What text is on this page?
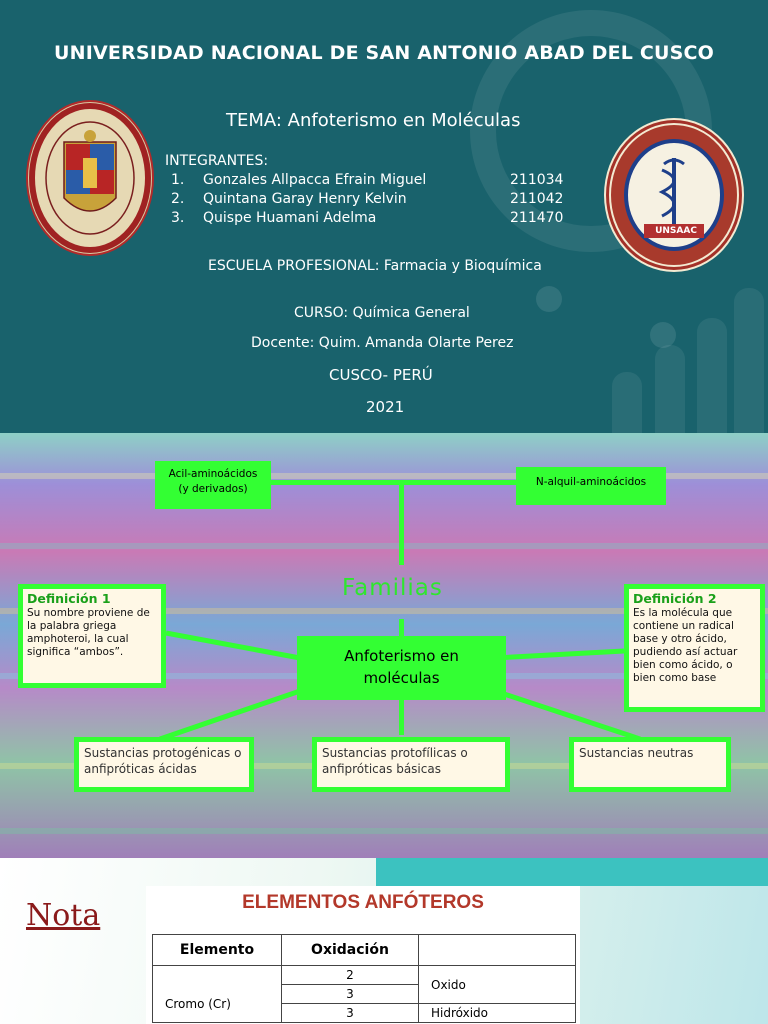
UNIVERSIDAD NACIONAL DE SAN ANTONIO ABAD DEL CUSCO
UNSAAC
TEMA: Anfoterismo en Moléculas
INTEGRANTES:
1. Gonzales Allpacca Efrain Miguel	211034
2. Quintana Garay Henry Kelvin	211042
3. Quispe Huamani Adelma	211470
ESCUELA PROFESIONAL: Farmacia y Bioquímica
CURSO: Química General
Docente: Quim. Amanda Olarte Perez
CUSCO- PERÚ
2021
Acil-aminoácidos
(y derivados)
N-alquil-aminoácidos
Familias
Anfoterismo en
moléculas
Definición 1
Su nombre proviene de la palabra griega amphoteroi, la cual significa “ambos”.
Definición 2
Es la molécula que contiene un radical base y otro ácido, pudiendo así actuar bien como ácido, o bien como base
Sustancias protogénicas o anfipróticas ácidas
Sustancias protofílicas o anfipróticas básicas
Sustancias neutras
Nota	ELEMENTOS ANFÓTEROS
Elemento	Oxidación	
Cromo (Cr)	2	Oxido
	3	
	3	Hidróxido
